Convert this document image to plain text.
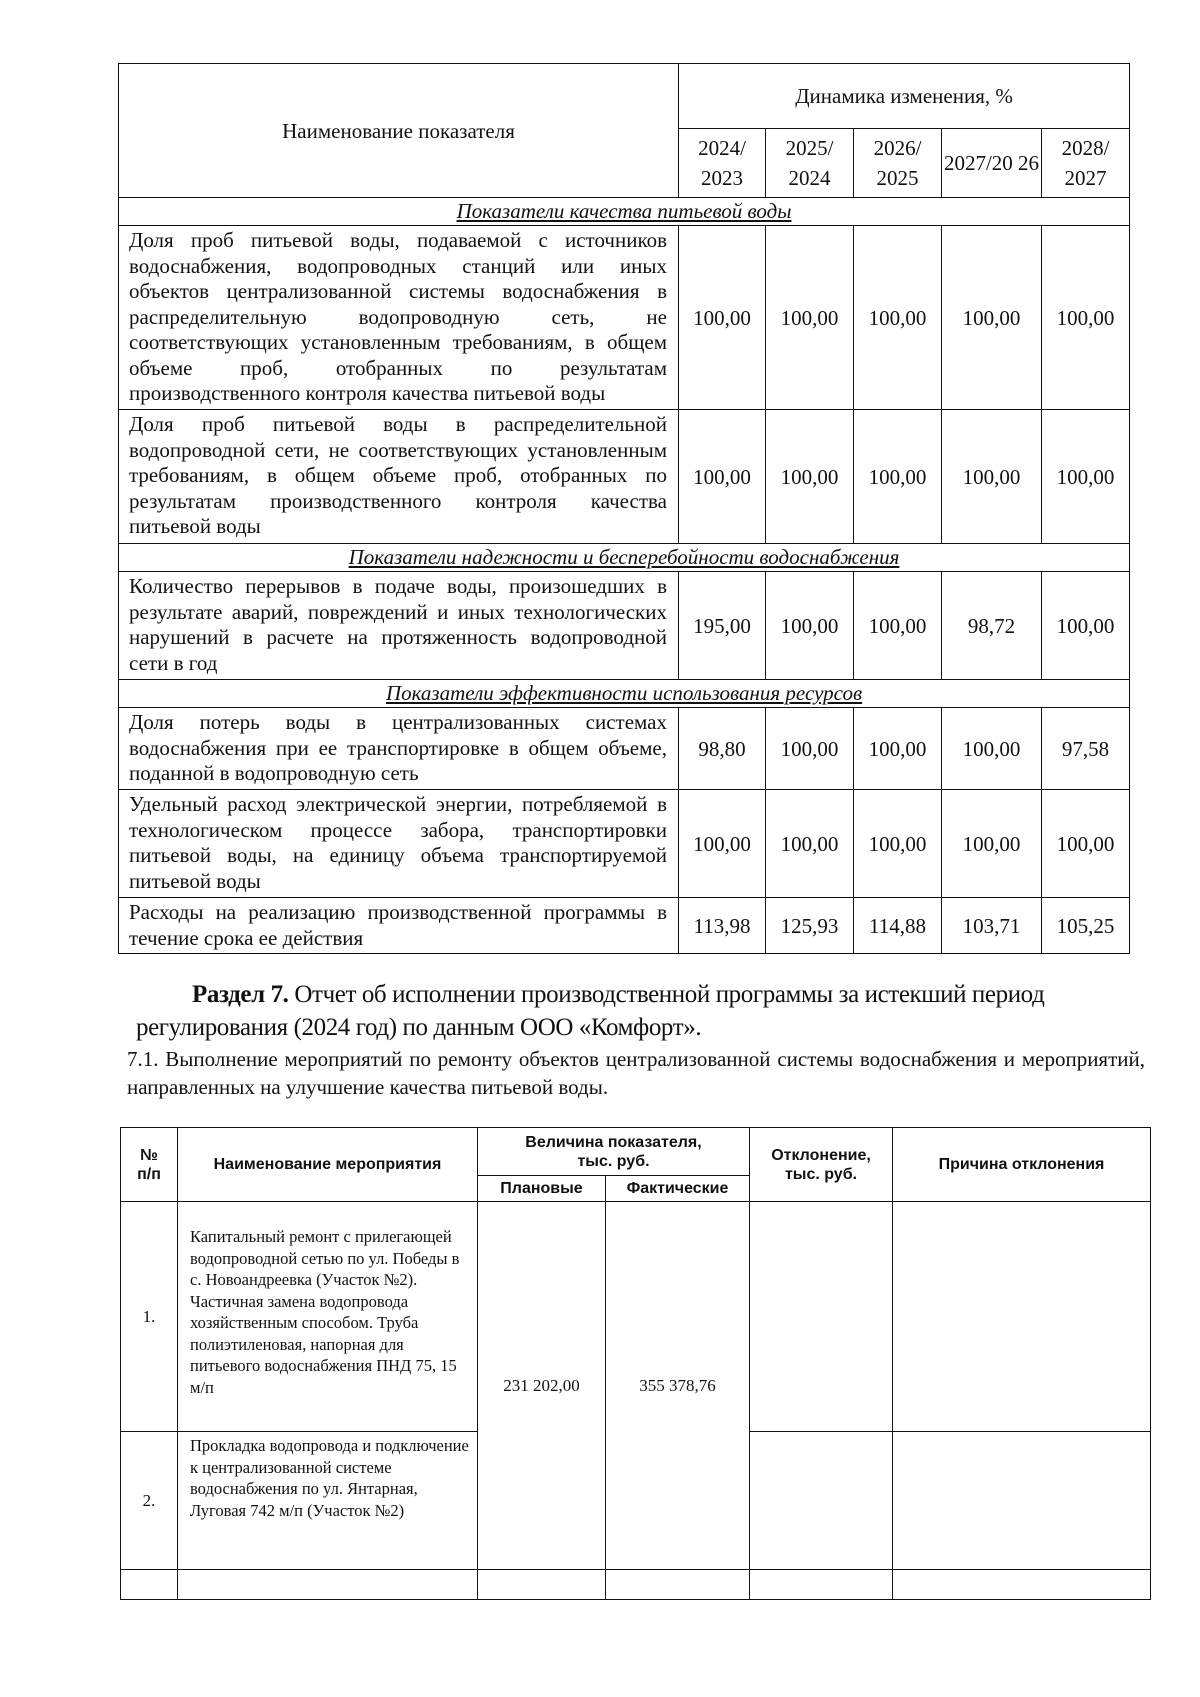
Наименование показателя	Динамика изменения, %				
	2024/ 2023	2025/ 2024	2026/ 2025	2027/20 26	2028/ 2027
Показатели качества питьевой воды					
Доля проб питьевой воды, подаваемой с источников водоснабжения, водопроводных станций или иных объектов централизованной системы водоснабжения в распределительную водопроводную сеть, не соответствующих установленным требованиям, в общем объеме проб, отобранных по результатам производственного контроля качества питьевой воды	100,00	100,00	100,00	100,00	100,00
Доля проб питьевой воды в распределительной водопроводной сети, не соответствующих установленным требованиям, в общем объеме проб, отобранных по результатам производственного контроля качества питьевой воды	100,00	100,00	100,00	100,00	100,00
Показатели надежности и бесперебойности водоснабжения					
Количество перерывов в подаче воды, произошедших в результате аварий, повреждений и иных технологических нарушений в расчете на протяженность водопроводной сети в год	195,00	100,00	100,00	98,72	100,00
Показатели эффективности использования ресурсов					
Доля потерь воды в централизованных системах водоснабжения при ее транспортировке в общем объеме, поданной в водопроводную сеть	98,80	100,00	100,00	100,00	97,58
Удельный расход электрической энергии, потребляемой в технологическом процессе забора, транспортировки питьевой воды, на единицу объема транспортируемой питьевой воды	100,00	100,00	100,00	100,00	100,00
Расходы на реализацию производственной программы в течение срока ее действия	113,98	125,93	114,88	103,71	105,25
Раздел 7. Отчет об исполнении производственной программы за истекший период
регулирования (2024 год) по данным ООО «Комфорт».
7.1. Выполнение мероприятий по ремонту объектов централизованной системы водоснабжения и мероприятий, направленных на улучшение качества питьевой воды.
№ п/п	Наименование мероприятия	Величина показателя, тыс. руб.		Отклонение, тыс. руб.	Причина отклонения
		Плановые	Фактические		
1.	Капитальный ремонт с прилегающей водопроводной сетью по ул. Победы в с. Новоандреевка (Участок №2). Частичная замена водопровода хозяйственным способом. Труба полиэтиленовая, напорная для питьевого водоснабжения ПНД 75, 15 м/п	231 202,00	355 378,76		
2.	Прокладка водопровода и подключение к централизованной системе водоснабжения по ул. Янтарная, Луговая 742 м/п (Участок №2)				
